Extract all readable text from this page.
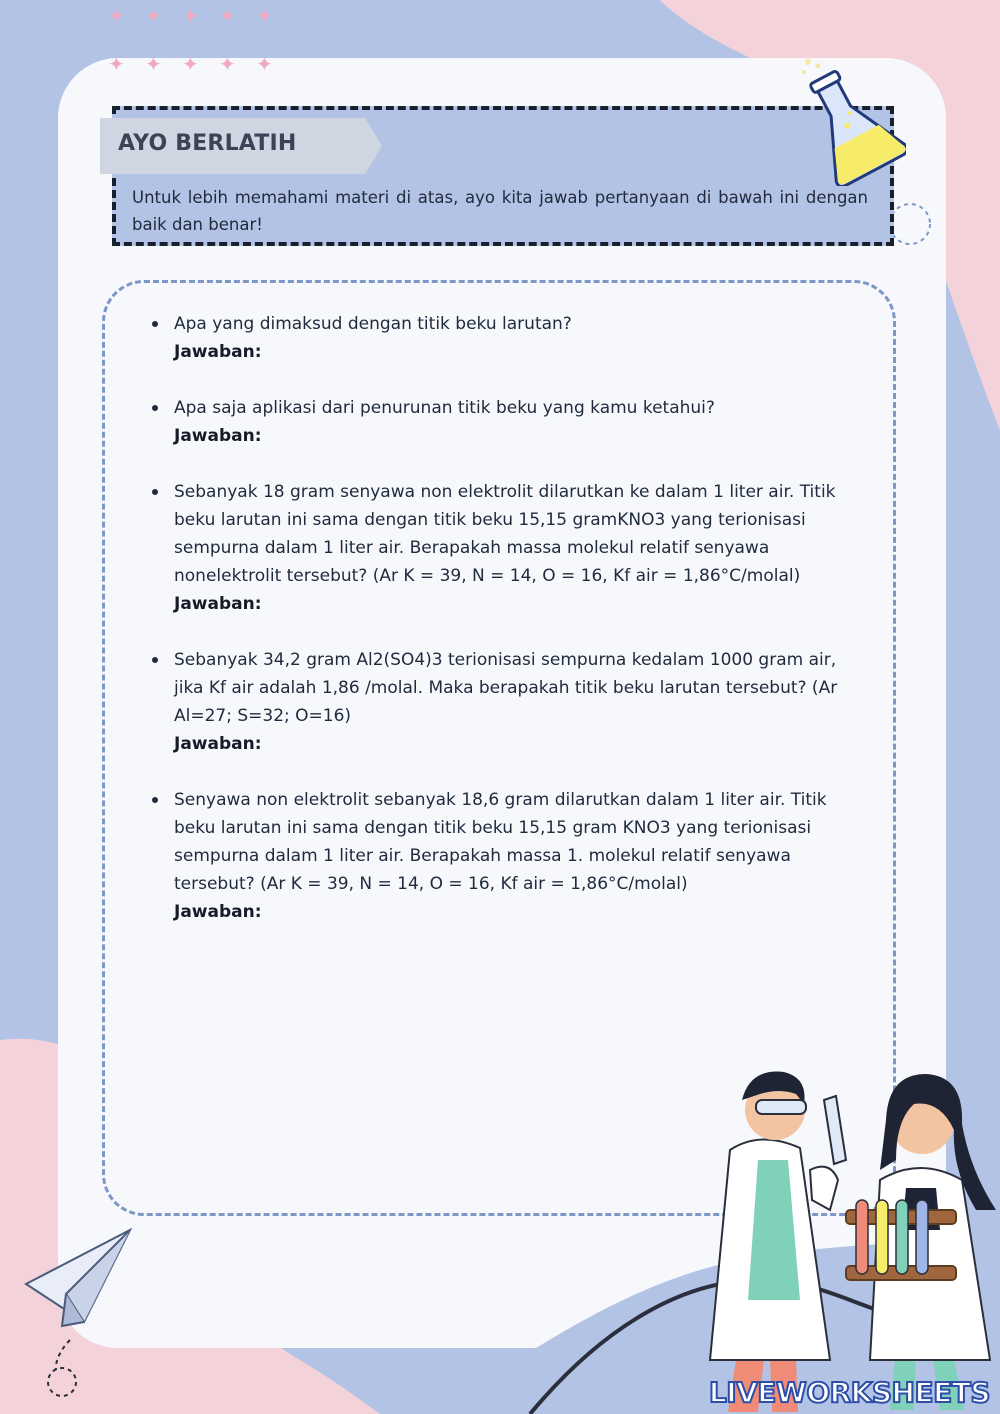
✦ ✦ ✦ ✦ ✦
✦ ✦ ✦ ✦ ✦
AYO BERLATIH
Untuk lebih memahami materi di atas, ayo kita jawab pertanyaan di bawah ini dengan baik dan benar!
Apa yang dimaksud dengan titik beku larutan?
Jawaban:
Apa saja aplikasi dari penurunan titik beku yang kamu ketahui?
Jawaban:
Sebanyak 18 gram senyawa non elektrolit dilarutkan ke dalam 1 liter air. Titik beku larutan ini sama dengan titik beku 15,15 gramKNO3 yang terionisasi sempurna dalam 1 liter air. Berapakah massa molekul relatif senyawa nonelektrolit tersebut? (Ar K = 39, N = 14, O = 16, Kf air = 1,86°C/molal)
Jawaban:
Sebanyak 34,2 gram Al2(SO4)3 terionisasi sempurna kedalam 1000 gram air, jika Kf air adalah 1,86 /molal. Maka berapakah titik beku larutan tersebut? (Ar Al=27; S=32; O=16)
Jawaban:
Senyawa non elektrolit sebanyak 18,6 gram dilarutkan dalam 1 liter air. Titik beku larutan ini sama dengan titik beku 15,15 gram KNO3 yang terionisasi sempurna dalam 1 liter air. Berapakah massa 1. molekul relatif senyawa tersebut? (Ar K = 39, N = 14, O = 16, Kf air = 1,86°C/molal)
Jawaban:
LIVEWORKSHEETS
